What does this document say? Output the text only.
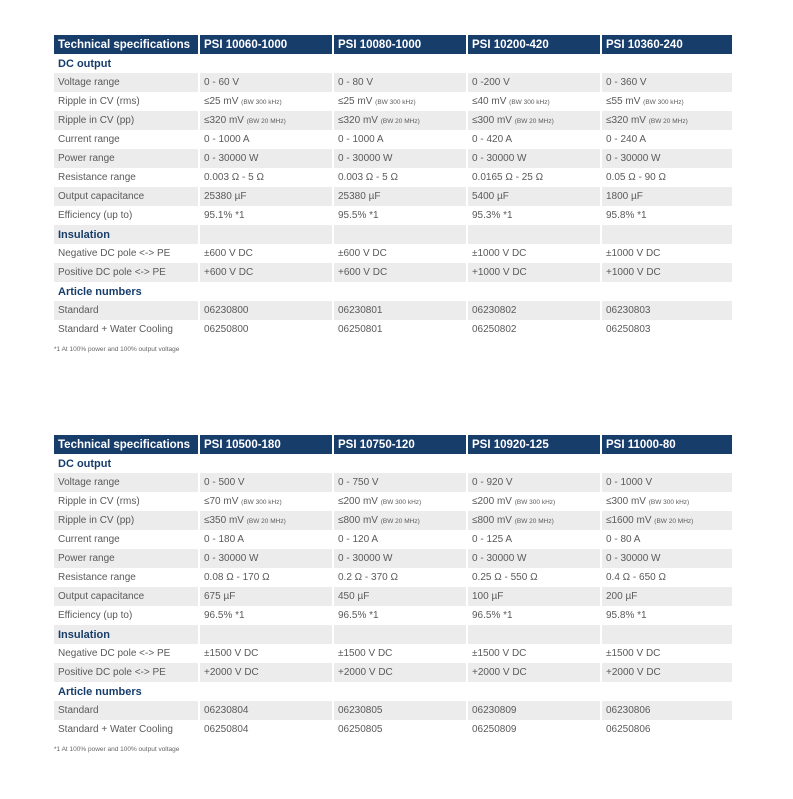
Technical specifications	PSI 10060-1000	PSI 10080-1000	PSI 10200-420	PSI 10360-240
DC output				
Voltage range	0 - 60 V	0 - 80 V	0 -200 V	0 - 360 V
Ripple in CV (rms)	≤25 mV (BW 300 kHz)	≤25 mV (BW 300 kHz)	≤40 mV (BW 300 kHz)	≤55 mV (BW 300 kHz)
Ripple in CV (pp)	≤320 mV (BW 20 MHz)	≤320 mV (BW 20 MHz)	≤300 mV (BW 20 MHz)	≤320 mV (BW 20 MHz)
Current range	0 - 1000 A	0 - 1000 A	0 - 420 A	0 - 240 A
Power range	0 - 30000 W	0 - 30000 W	0 - 30000 W	0 - 30000 W
Resistance range	0.003 Ω - 5 Ω	0.003 Ω - 5 Ω	0.0165 Ω - 25 Ω	0.05 Ω - 90 Ω
Output capacitance	25380 µF	25380 µF	5400 µF	1800 µF
Efficiency (up to)	95.1% *1	95.5% *1	95.3% *1	95.8% *1
Insulation				
Negative DC pole <-> PE	±600 V DC	±600 V DC	±1000 V DC	±1000 V DC
Positive DC pole <-> PE	+600 V DC	+600 V DC	+1000 V DC	+1000 V DC
Article numbers				
Standard	06230800	06230801	06230802	06230803
Standard + Water Cooling	06250800	06250801	06250802	06250803
*1 At 100% power and 100% output voltage
Technical specifications	PSI 10500-180	PSI 10750-120	PSI 10920-125	PSI 11000-80
DC output				
Voltage range	0 - 500 V	0 - 750 V	0 - 920 V	0 - 1000 V
Ripple in CV (rms)	≤70 mV (BW 300 kHz)	≤200 mV (BW 300 kHz)	≤200 mV (BW 300 kHz)	≤300 mV (BW 300 kHz)
Ripple in CV (pp)	≤350 mV (BW 20 MHz)	≤800 mV (BW 20 MHz)	≤800 mV (BW 20 MHz)	≤1600 mV (BW 20 MHz)
Current range	0 - 180 A	0 - 120 A	0 - 125 A	0 - 80 A
Power range	0 - 30000 W	0 - 30000 W	0 - 30000 W	0 - 30000 W
Resistance range	0.08 Ω - 170 Ω	0.2 Ω - 370 Ω	0.25 Ω - 550 Ω	0.4 Ω - 650 Ω
Output capacitance	675 µF	450 µF	100 µF	200 µF
Efficiency (up to)	96.5% *1	96.5% *1	96.5% *1	95.8% *1
Insulation				
Negative DC pole <-> PE	±1500 V DC	±1500 V DC	±1500 V DC	±1500 V DC
Positive DC pole <-> PE	+2000 V DC	+2000 V DC	+2000 V DC	+2000 V DC
Article numbers				
Standard	06230804	06230805	06230809	06230806
Standard + Water Cooling	06250804	06250805	06250809	06250806
*1 At 100% power and 100% output voltage
